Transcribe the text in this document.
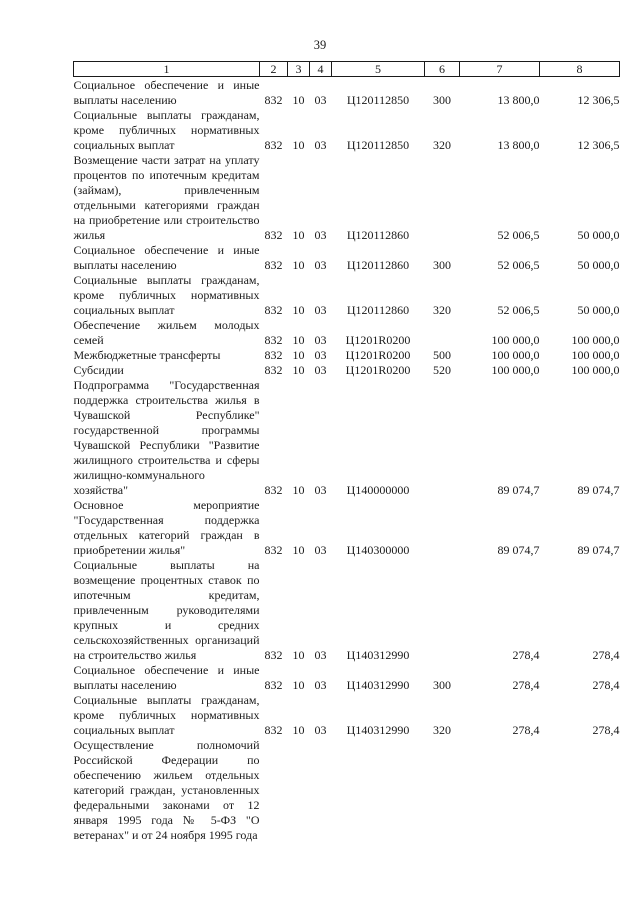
39
1	2	3	4	5	6	7	8
Социальное обеспечение и иные выплаты населению	832	10	03	Ц120112850	300	13 800,0	12 306,5
Социальные выплаты гражданам, кроме публичных нормативных социальных выплат	832	10	03	Ц120112850	320	13 800,0	12 306,5
Возмещение части затрат на уплату процентов по ипотечным кредитам (займам), привлеченным отдельными категориями граждан на приобретение или строительство жилья	832	10	03	Ц120112860		52 006,5	50 000,0
Социальное обеспечение и иные выплаты населению	832	10	03	Ц120112860	300	52 006,5	50 000,0
Социальные выплаты гражданам, кроме публичных нормативных социальных выплат	832	10	03	Ц120112860	320	52 006,5	50 000,0
Обеспечение жильем молодых семей	832	10	03	Ц1201R0200		100 000,0	100 000,0
Межбюджетные трансферты	832	10	03	Ц1201R0200	500	100 000,0	100 000,0
Субсидии	832	10	03	Ц1201R0200	520	100 000,0	100 000,0
Подпрограмма "Государственная поддержка строительства жилья в Чувашской Республике" государственной программы Чувашской Республики "Развитие жилищного строительства и сферы жилищно-коммунального хозяйства"	832	10	03	Ц140000000		89 074,7	89 074,7
Основное мероприятие "Государственная поддержка отдельных категорий граждан в приобретении жилья"	832	10	03	Ц140300000		89 074,7	89 074,7
Социальные выплаты на возмещение процентных ставок по ипотечным кредитам, привлеченным руководителями крупных и средних сельскохозяйственных организаций на строительство жилья	832	10	03	Ц140312990		278,4	278,4
Социальное обеспечение и иные выплаты населению	832	10	03	Ц140312990	300	278,4	278,4
Социальные выплаты гражданам, кроме публичных нормативных социальных выплат	832	10	03	Ц140312990	320	278,4	278,4
Осуществление полномочий Российской Федерации по обеспечению жильем отдельных категорий граждан, установленных федеральными законами от 12 января 1995 года № 5-ФЗ "О ветеранах" и от 24 ноября 1995 года							
